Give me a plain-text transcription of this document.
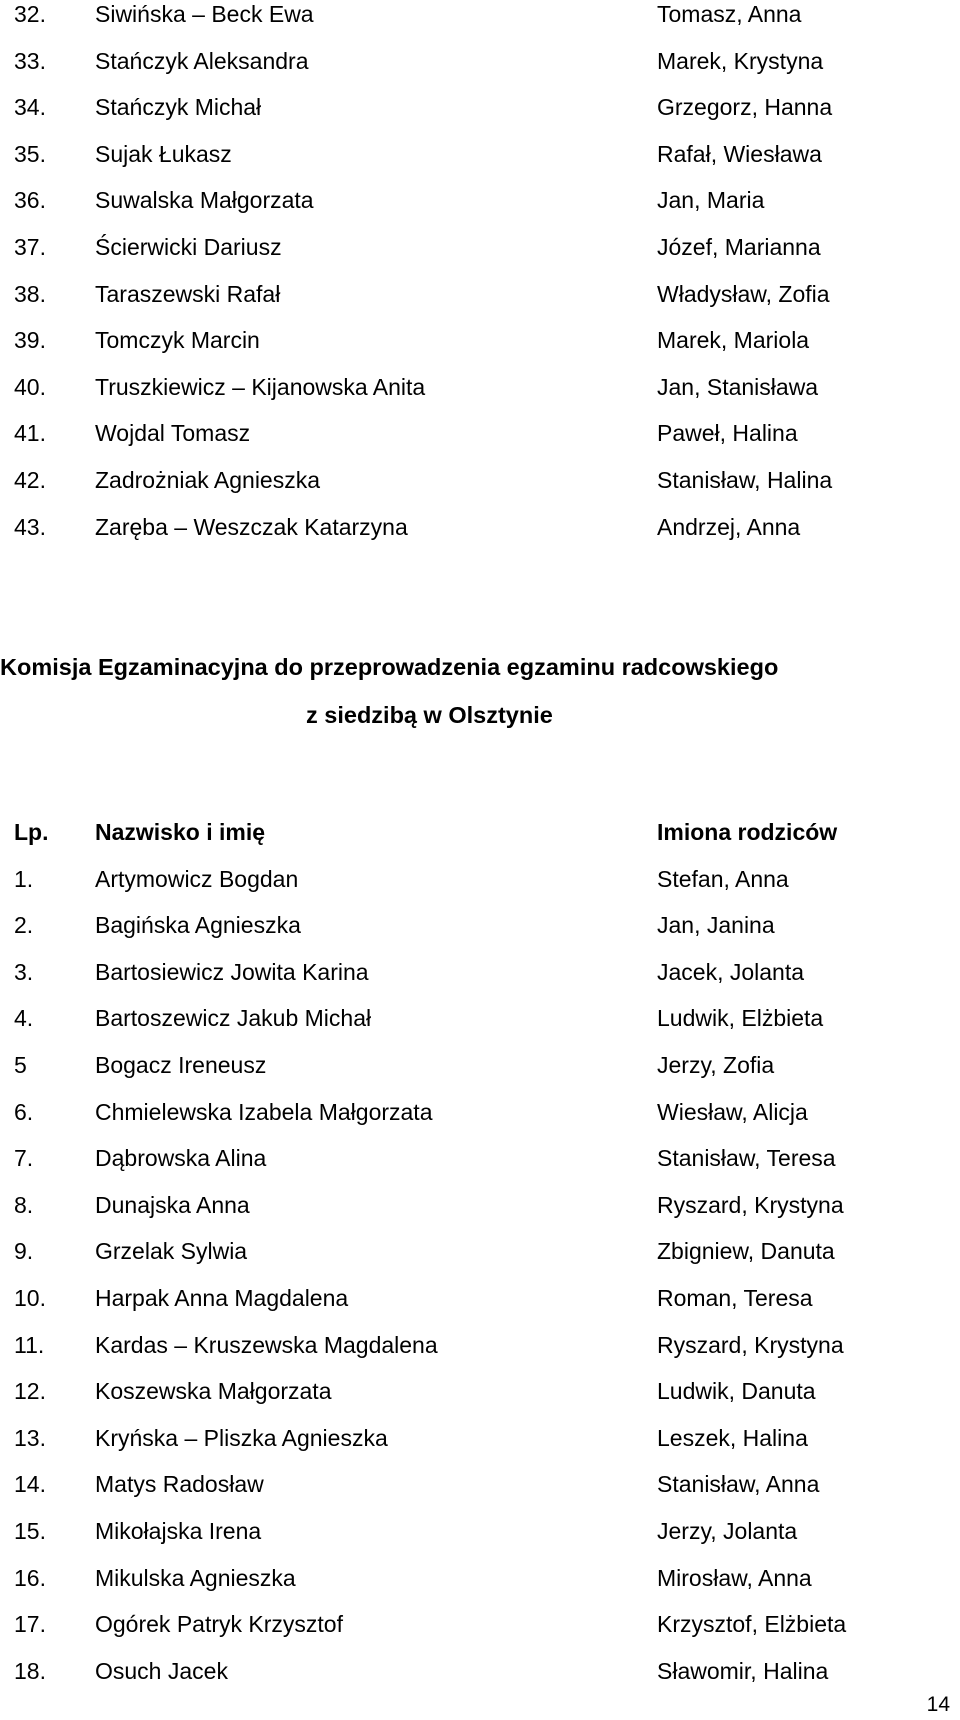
32. Siwińska – Beck Ewa	Tomasz, Anna
33. Stańczyk Aleksandra	Marek, Krystyna
34. Stańczyk Michał	Grzegorz, Hanna
35. Sujak Łukasz	Rafał, Wiesława
36. Suwalska Małgorzata	Jan, Maria
37. Ścierwicki Dariusz	Józef, Marianna
38. Taraszewski Rafał	Władysław, Zofia
39. Tomczyk Marcin	Marek, Mariola
40. Truszkiewicz – Kijanowska Anita	Jan, Stanisława
41. Wojdal Tomasz	Paweł, Halina
42. Zadrożniak Agnieszka	Stanisław, Halina
43. Zaręba – Weszczak Katarzyna	Andrzej, Anna
Komisja Egzaminacyjna do przeprowadzenia egzaminu radcowskiego
z siedzibą w Olsztynie
Lp. Nazwisko i imię	Imiona rodziców
1.	Artymowicz Bogdan	Stefan, Anna
2.	Bagińska Agnieszka	Jan, Janina
3.	Bartosiewicz Jowita Karina	Jacek, Jolanta
4.	Bartoszewicz Jakub Michał	Ludwik, Elżbieta
5	Bogacz Ireneusz	Jerzy, Zofia
6.	Chmielewska Izabela Małgorzata	Wiesław, Alicja
7.	Dąbrowska Alina	Stanisław, Teresa
8.	Dunajska Anna	Ryszard, Krystyna
9.	Grzelak Sylwia	Zbigniew, Danuta
10. Harpak Anna Magdalena	Roman, Teresa
11. Kardas – Kruszewska Magdalena	Ryszard, Krystyna
12. Koszewska Małgorzata	Ludwik, Danuta
13. Kryńska – Pliszka Agnieszka	Leszek, Halina
14. Matys Radosław	Stanisław, Anna
15. Mikołajska Irena	Jerzy, Jolanta
16. Mikulska Agnieszka	Mirosław, Anna
17. Ogórek Patryk Krzysztof	Krzysztof, Elżbieta
18. Osuch Jacek	Sławomir, Halina
14
